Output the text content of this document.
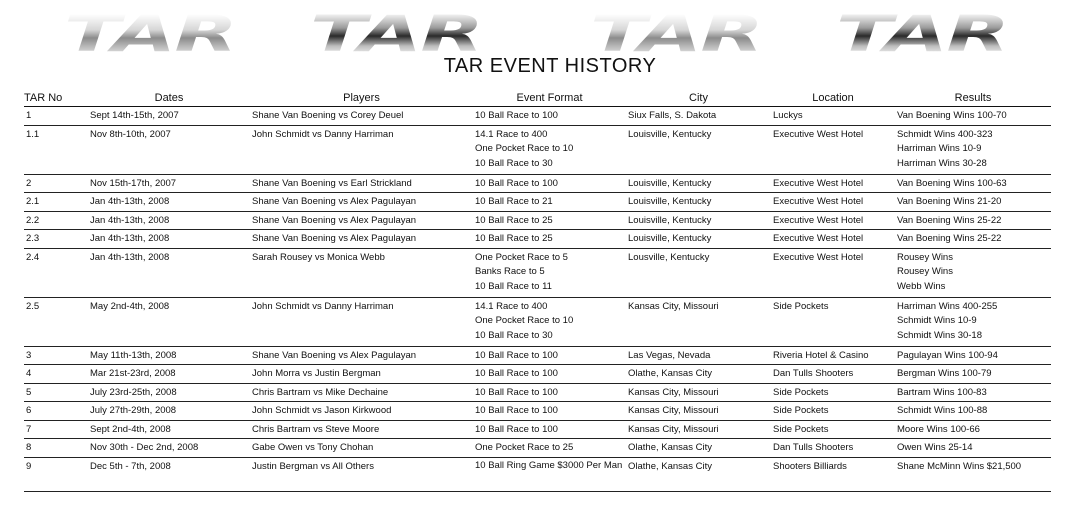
TAR TAR TAR TAR
TAR EVENT HISTORY
TAR No	Dates	Players	Event Format	City	Location	Results

1	Sept 14th-15th, 2007	Shane Van Boening vs Corey Deuel	10 Ball Race to 100	Siux Falls, S. Dakota	Luckys	Van Boening Wins 100-70

1.1	Nov 8th-10th, 2007	John Schmidt vs Danny Harriman	14.1 Race to 400
One Pocket Race to 10
10 Ball Race to 30	Louisville, Kentucky	Executive West Hotel	Schmidt Wins 400-323
Harriman Wins 10-9
Harriman Wins 30-28

2	Nov 15th-17th, 2007	Shane Van Boening vs Earl Strickland	10 Ball Race to 100	Louisville, Kentucky	Executive West Hotel	Van Boening Wins 100-63

2.1	Jan 4th-13th, 2008	Shane Van Boening vs Alex Pagulayan	10 Ball Race to 21	Louisville, Kentucky	Executive West Hotel	Van Boening Wins 21-20

2.2	Jan 4th-13th, 2008	Shane Van Boening vs Alex Pagulayan	10 Ball Race to 25	Louisville, Kentucky	Executive West Hotel	Van Boening Wins 25-22

2.3	Jan 4th-13th, 2008	Shane Van Boening vs Alex Pagulayan	10 Ball Race to 25	Louisville, Kentucky	Executive West Hotel	Van Boening Wins 25-22

2.4	Jan 4th-13th, 2008	Sarah Rousey vs Monica Webb	One Pocket Race to 5
Banks Race to 5
10 Ball Race to 11	Lousville, Kentucky	Executive West Hotel	Rousey Wins
Rousey Wins
Webb Wins

2.5	May 2nd-4th, 2008	John Schmidt vs Danny Harriman	14.1 Race to 400
One Pocket Race to 10
10 Ball Race to 30	Kansas City, Missouri	Side Pockets	Harriman Wins 400-255
Schmidt Wins 10-9
Schmidt Wins 30-18

3	May 11th-13th, 2008	Shane Van Boening vs Alex Pagulayan	10 Ball Race to 100	Las Vegas, Nevada	Riveria Hotel & Casino	Pagulayan Wins 100-94

4	Mar 21st-23rd, 2008	John Morra vs Justin Bergman	10 Ball Race to 100	Olathe, Kansas City	Dan Tulls Shooters	Bergman Wins 100-79

5	July 23rd-25th, 2008	Chris Bartram vs Mike Dechaine	10 Ball Race to 100	Kansas City, Missouri	Side Pockets	Bartram Wins 100-83

6	July 27th-29th, 2008	John Schmidt vs Jason Kirkwood	10 Ball Race to 100	Kansas City, Missouri	Side Pockets	Schmidt Wins 100-88

7	Sept 2nd-4th, 2008	Chris Bartram vs Steve Moore	10 Ball Race to 100	Kansas City, Missouri	Side Pockets	Moore Wins 100-66

8	Nov 30th - Dec 2nd, 2008	Gabe Owen vs Tony Chohan	One Pocket Race to 25	Olathe, Kansas City	Dan Tulls Shooters	Owen Wins 25-14

9	Dec 5th - 7th, 2008	Justin Bergman vs All Others	10 Ball Ring Game $3000 Per Man	Olathe, Kansas City	Shooters Billiards	Shane McMinn Wins $21,500
